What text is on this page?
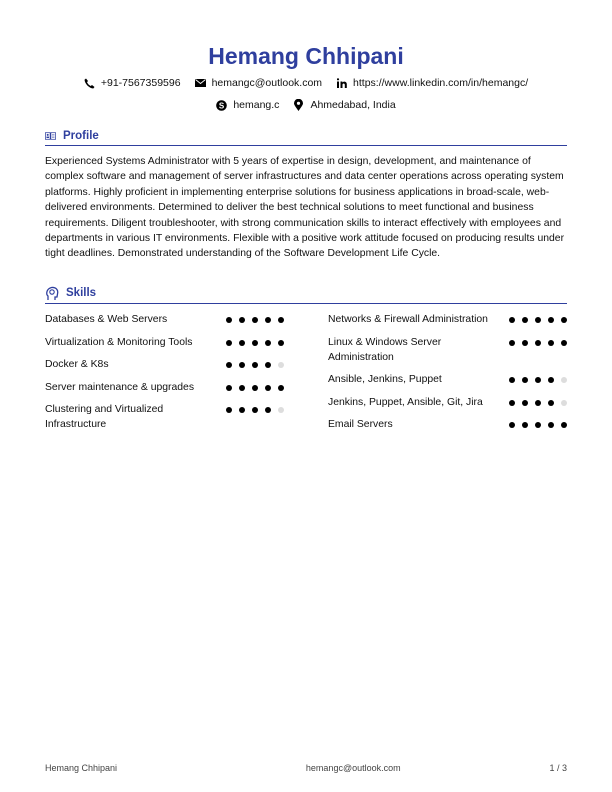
Hemang Chhipani
+91-7567359596	hemangc@outlook.com	https://www.linkedin.com/in/hemangc/
S hemang.c	Ahmedabad, India
Profile
Experienced Systems Administrator with 5 years of expertise in design, development, and maintenance of complex software and management of server infrastructures and data center operations across operating system platforms. Highly proficient in implementing enterprise solutions for business applications in broad-scale, web-delivered environments. Determined to deliver the best technical solutions to meet functional and business requirements. Diligent troubleshooter, with strong communication skills to interact effectively with employees and departments in various IT environments. Flexible with a positive work attitude focused on producing results under tight deadlines. Demonstrated understanding of the Software Development Life Cycle.
Skills
Databases & Web Servers
Virtualization & Monitoring Tools
Docker & K8s
Server maintenance & upgrades
Clustering and Virtualized Infrastructure
Networks & Firewall Administration
Linux & Windows Server Administration
Ansible, Jenkins, Puppet
Jenkins, Puppet, Ansible, Git, Jira
Email Servers
Hemang Chhipani	hemangc@outlook.com	1 / 3
